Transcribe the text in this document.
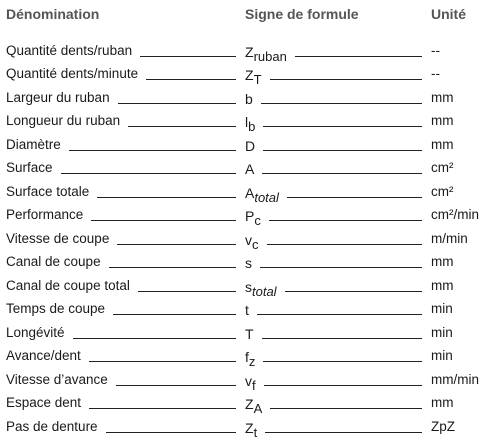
Dénomination	Signe de formule	Unité
Quantité dents/ruban	Zruban	--
Quantité dents/minute	ZT	--
Largeur du ruban	b	mm
Longueur du ruban	lb	mm
Diamètre	D	mm
Surface	A	cm²
Surface totale	Atotal	cm²
Performance	Pc	cm²/min
Vitesse de coupe	vc	m/min
Canal de coupe	s	mm
Canal de coupe total	stotal	mm
Temps de coupe	t	min
Longévité	T	min
Avance/dent	fz	min
Vitesse d’avance	vf	mm/min
Espace dent	ZA	mm
Pas de denture	Zt	ZpZ
